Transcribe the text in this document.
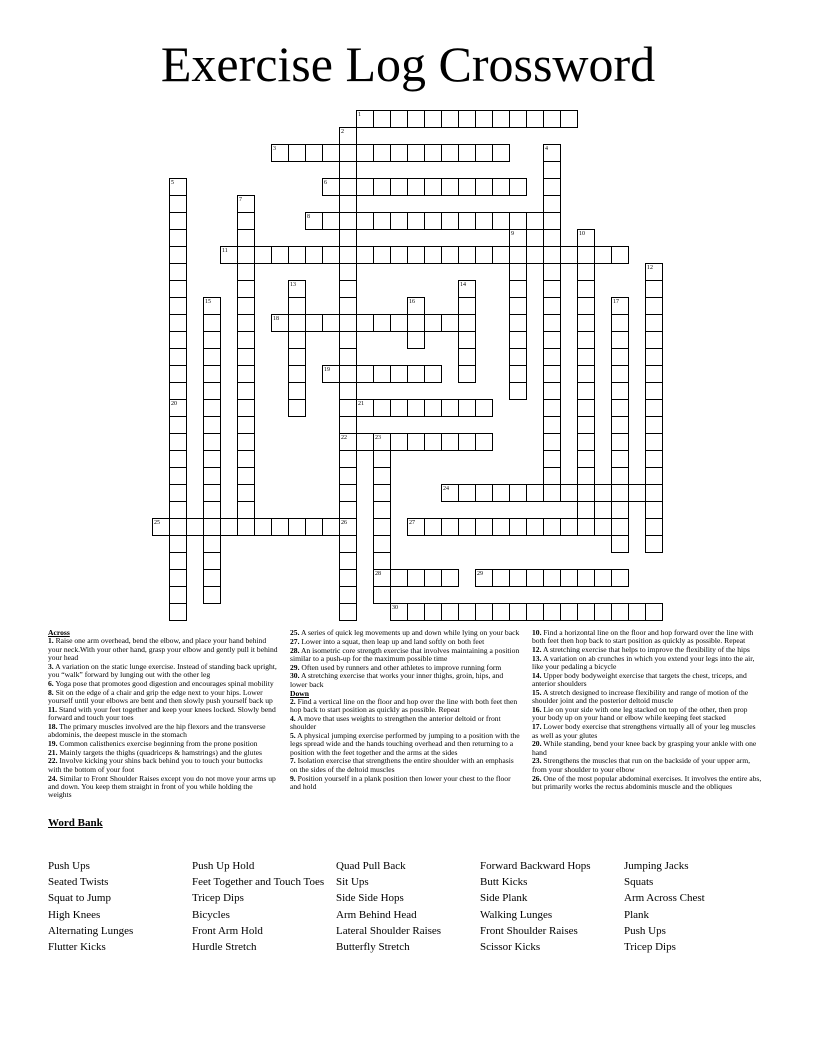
Exercise Log Crossword
1
2
22
26
3	4
5
20
6
7
8
9	10
11
12
13	14
15	16	17
18
19
21
23
28
24
25	27
29
30
Across
1. Raise one arm overhead, bend the elbow, and place your hand behind your neck.With your other hand, grasp your elbow and gently pull it behind your head
3. A variation on the static lunge exercise. Instead of standing back upright, you “walk” forward by lunging out with the other leg
6. Yoga pose that promotes good digestion and encourages spinal mobility
8. Sit on the edge of a chair and grip the edge next to your hips. Lower yourself until your elbows are bent and then slowly push yourself back up
11. Stand with your feet together and keep your knees locked. Slowly bend forward and touch your toes
18. The primary muscles involved are the hip flexors and the transverse abdominis, the deepest muscle in the stomach
19. Common calisthenics exercise beginning from the prone position
21. Mainly targets the thighs (quadriceps & hamstrings) and the glutes
22. Involve kicking your shins back behind you to touch your buttocks with the bottom of your foot
24. Similar to Front Shoulder Raises except you do not move your arms up and down. You keep them straight in front of you while holding the weights
25. A series of quick leg movements up and down while lying on your back
27. Lower into a squat, then leap up and land softly on both feet
28. An isometric core strength exercise that involves maintaining a position similar to a push-up for the maximum possible time
29. Often used by runners and other athletes to improve running form
30. A stretching exercise that works your inner thighs, groin, hips, and lower back
Down
2. Find a vertical line on the floor and hop over the line with both feet then hop back to start position as quickly as possible. Repeat
4. A move that uses weights to strengthen the anterior deltoid or front shoulder
5. A physical jumping exercise performed by jumping to a position with the legs spread wide and the hands touching overhead and then returning to a position with the feet together and the arms at the sides
7. Isolation exercise that strengthens the entire shoulder with an emphasis on the sides of the deltoid muscles
9. Position yourself in a plank position then lower your chest to the floor and hold
10. Find a horizontal line on the floor and hop forward over the line with both feet then hop back to start position as quickly as possible. Repeat
12. A stretching exercise that helps to improve the flexibility of the hips
13. A variation on ab crunches in which you extend your legs into the air, like your pedaling a bicycle
14. Upper body bodyweight exercise that targets the chest, triceps, and anterior shoulders
15. A stretch designed to increase flexibility and range of motion of the shoulder joint and the posterior deltoid muscle
16. Lie on your side with one leg stacked on top of the other, then prop your body up on your hand or elbow while keeping feet stacked
17. Lower body exercise that strengthens virtually all of your leg muscles as well as your glutes
20. While standing, bend your knee back by grasping your ankle with one hand
23. Strengthens the muscles that run on the backside of your upper arm, from your shoulder to your elbow
26. One of the most popular abdominal exercises. It involves the entire abs, but primarily works the rectus abdominis muscle and the obliques
Word Bank
Push Ups
Seated Twists
Squat to Jump
High Knees
Alternating Lunges
Flutter Kicks
Push Up Hold
Feet Together and Touch Toes
Tricep Dips
Bicycles
Front Arm Hold
Hurdle Stretch
Quad Pull Back
Sit Ups
Side Side Hops
Arm Behind Head
Lateral Shoulder Raises
Butterfly Stretch
Forward Backward Hops
Butt Kicks
Side Plank
Walking Lunges
Front Shoulder Raises
Scissor Kicks
Jumping Jacks
Squats
Arm Across Chest
Plank
Push Ups
Tricep Dips
